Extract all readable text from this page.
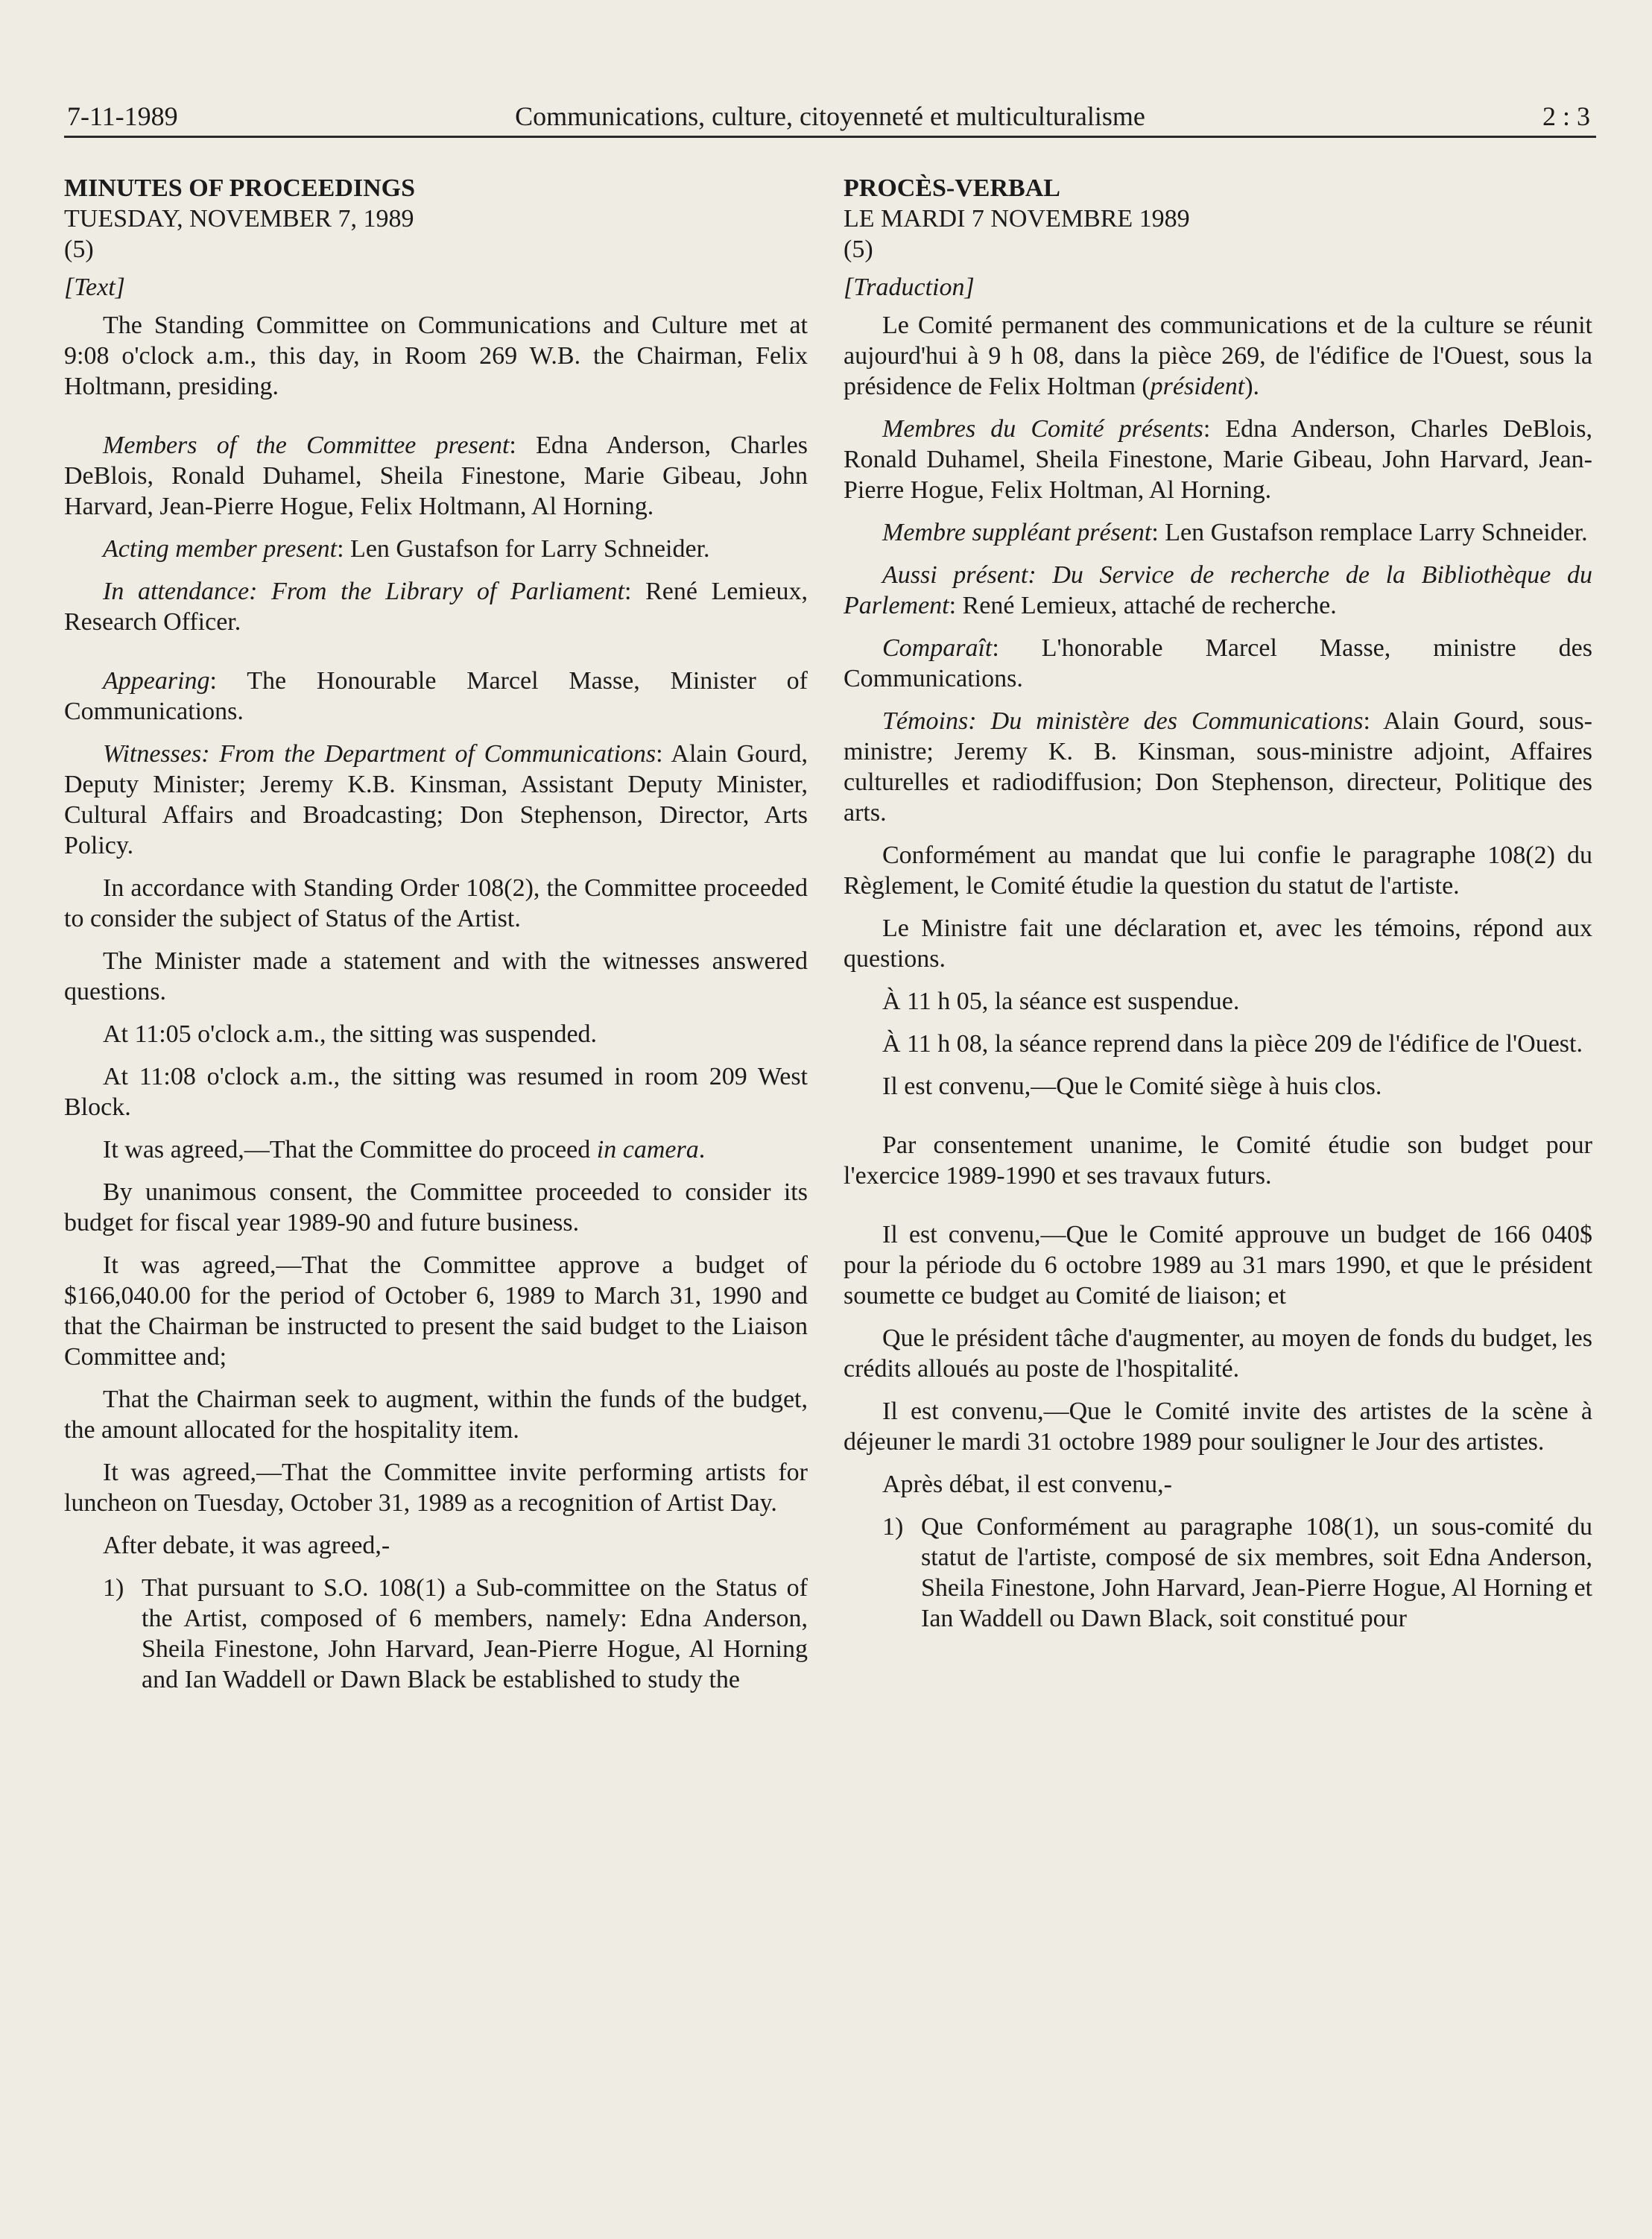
7-11-1989	Communications, culture, citoyenneté et multiculturalisme	2 : 3
MINUTES OF PROCEEDINGS
TUESDAY, NOVEMBER 7, 1989
(5)
[Text]

The Standing Committee on Communications and Culture met at 9:08 o'clock a.m., this day, in Room 269 W.B. the Chairman, Felix Holtmann, presiding.

Members of the Committee present: Edna Anderson, Charles DeBlois, Ronald Duhamel, Sheila Finestone, Marie Gibeau, John Harvard, Jean-Pierre Hogue, Felix Holtmann, Al Horning.

Acting member present: Len Gustafson for Larry Schneider.

In attendance: From the Library of Parliament: René Lemieux, Research Officer.

Appearing: The Honourable Marcel Masse, Minister of Communications.

Witnesses: From the Department of Communications: Alain Gourd, Deputy Minister; Jeremy K.B. Kinsman, Assistant Deputy Minister, Cultural Affairs and Broadcasting; Don Stephenson, Director, Arts Policy.

In accordance with Standing Order 108(2), the Committee proceeded to consider the subject of Status of the Artist.

The Minister made a statement and with the witnesses answered questions.

At 11:05 o'clock a.m., the sitting was suspended.

At 11:08 o'clock a.m., the sitting was resumed in room 209 West Block.

It was agreed,—That the Committee do proceed in camera.

By unanimous consent, the Committee proceeded to consider its budget for fiscal year 1989-90 and future business.

It was agreed,—That the Committee approve a budget of $166,040.00 for the period of October 6, 1989 to March 31, 1990 and that the Chairman be instructed to present the said budget to the Liaison Committee and;

That the Chairman seek to augment, within the funds of the budget, the amount allocated for the hospitality item.

It was agreed,—That the Committee invite performing artists for luncheon on Tuesday, October 31, 1989 as a recognition of Artist Day.

After debate, it was agreed,-

1) That pursuant to S.O. 108(1) a Sub-committee on the Status of the Artist, composed of 6 members, namely: Edna Anderson, Sheila Finestone, John Harvard, Jean-Pierre Hogue, Al Horning and Ian Waddell or Dawn Black be established to study the
PROCÈS-VERBAL
LE MARDI 7 NOVEMBRE 1989
(5)
[Traduction]

Le Comité permanent des communications et de la culture se réunit aujourd'hui à 9 h 08, dans la pièce 269, de l'édifice de l'Ouest, sous la présidence de Felix Holtman (président).

Membres du Comité présents: Edna Anderson, Charles DeBlois, Ronald Duhamel, Sheila Finestone, Marie Gibeau, John Harvard, Jean-Pierre Hogue, Felix Holtman, Al Horning.

Membre suppléant présent: Len Gustafson remplace Larry Schneider.

Aussi présent: Du Service de recherche de la Bibliothèque du Parlement: René Lemieux, attaché de recherche.

Comparaît: L'honorable Marcel Masse, ministre des Communications.

Témoins: Du ministère des Communications: Alain Gourd, sous-ministre; Jeremy K. B. Kinsman, sous-ministre adjoint, Affaires culturelles et radiodiffusion; Don Stephenson, directeur, Politique des arts.

Conformément au mandat que lui confie le paragraphe 108(2) du Règlement, le Comité étudie la question du statut de l'artiste.

Le Ministre fait une déclaration et, avec les témoins, répond aux questions.

À 11 h 05, la séance est suspendue.

À 11 h 08, la séance reprend dans la pièce 209 de l'édifice de l'Ouest.

Il est convenu,—Que le Comité siège à huis clos.

Par consentement unanime, le Comité étudie son budget pour l'exercice 1989-1990 et ses travaux futurs.

Il est convenu,—Que le Comité approuve un budget de 166 040$ pour la période du 6 octobre 1989 au 31 mars 1990, et que le président soumette ce budget au Comité de liaison; et

Que le président tâche d'augmenter, au moyen de fonds du budget, les crédits alloués au poste de l'hospitalité.

Il est convenu,—Que le Comité invite des artistes de la scène à déjeuner le mardi 31 octobre 1989 pour souligner le Jour des artistes.

Après débat, il est convenu,-

1) Que Conformément au paragraphe 108(1), un sous-comité du statut de l'artiste, composé de six membres, soit Edna Anderson, Sheila Finestone, John Harvard, Jean-Pierre Hogue, Al Horning et Ian Waddell ou Dawn Black, soit constitué pour
